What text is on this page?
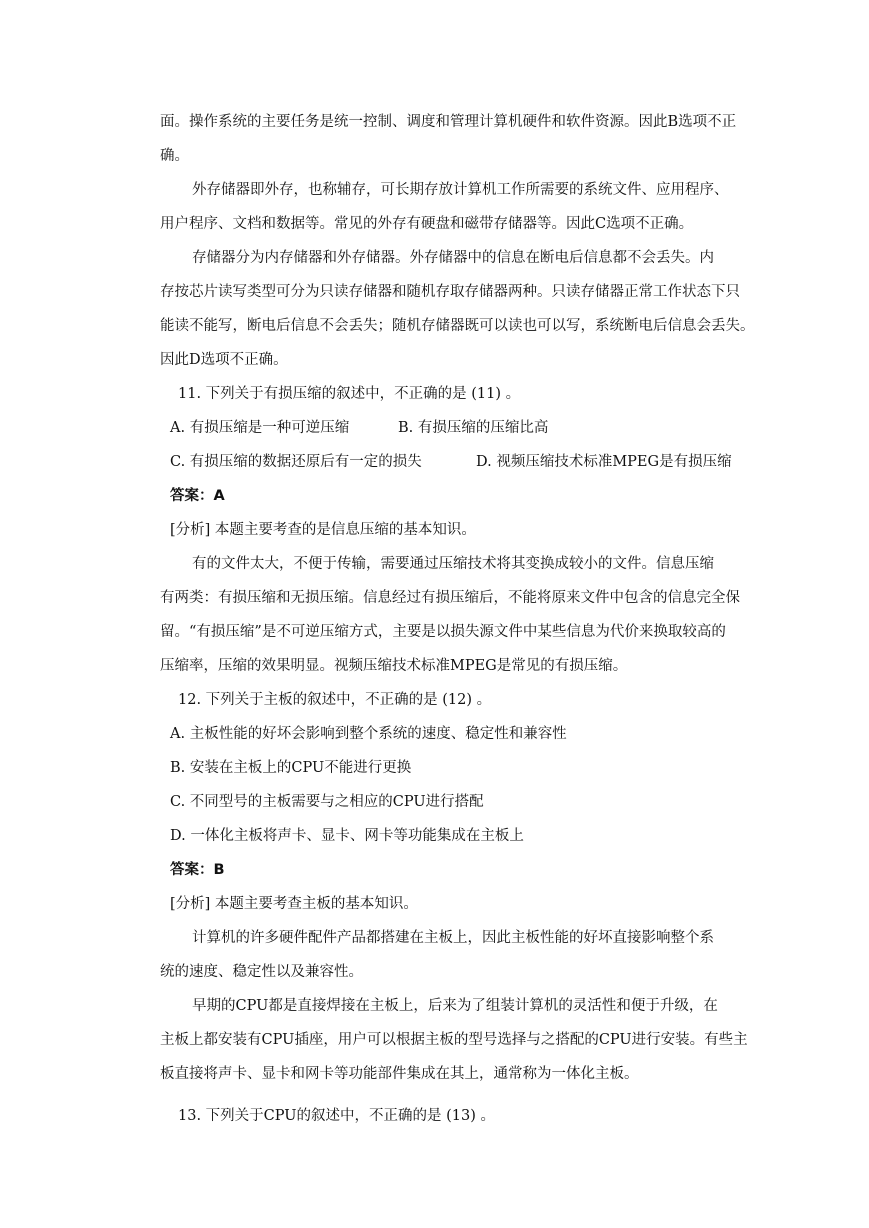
面。操作系统的主要任务是统一控制、调度和管理计算机硬件和软件资源。因此B选项不正
确。
外存储器即外存，也称辅存，可长期存放计算机工作所需要的系统文件、应用程序、
用户程序、文档和数据等。常见的外存有硬盘和磁带存储器等。因此C选项不正确。
存储器分为内存储器和外存储器。外存储器中的信息在断电后信息都不会丢失。内
存按芯片读写类型可分为只读存储器和随机存取存储器两种。只读存储器正常工作状态下只
能读不能写，断电后信息不会丢失；随机存储器既可以读也可以写，系统断电后信息会丢失。
因此D选项不正确。
11. 下列关于有损压缩的叙述中，不正确的是 (11) 。
A. 有损压缩是一种可逆压缩	B. 有损压缩的压缩比高
C. 有损压缩的数据还原后有一定的损失	D. 视频压缩技术标准MPEG是有损压缩
答案：A
[分析] 本题主要考查的是信息压缩的基本知识。
有的文件太大，不便于传输，需要通过压缩技术将其变换成较小的文件。信息压缩
有两类：有损压缩和无损压缩。信息经过有损压缩后，不能将原来文件中包含的信息完全保
留。“有损压缩”是不可逆压缩方式，主要是以损失源文件中某些信息为代价来换取较高的
压缩率，压缩的效果明显。视频压缩技术标准MPEG是常见的有损压缩。
12. 下列关于主板的叙述中，不正确的是 (12) 。
A. 主板性能的好坏会影响到整个系统的速度、稳定性和兼容性
B. 安装在主板上的CPU不能进行更换
C. 不同型号的主板需要与之相应的CPU进行搭配
D. 一体化主板将声卡、显卡、网卡等功能集成在主板上
答案：B
[分析] 本题主要考查主板的基本知识。
计算机的许多硬件配件产品都搭建在主板上，因此主板性能的好坏直接影响整个系
统的速度、稳定性以及兼容性。
早期的CPU都是直接焊接在主板上，后来为了组装计算机的灵活性和便于升级，在
主板上都安装有CPU插座，用户可以根据主板的型号选择与之搭配的CPU进行安装。有些主
板直接将声卡、显卡和网卡等功能部件集成在其上，通常称为一体化主板。
13. 下列关于CPU的叙述中，不正确的是 (13) 。
